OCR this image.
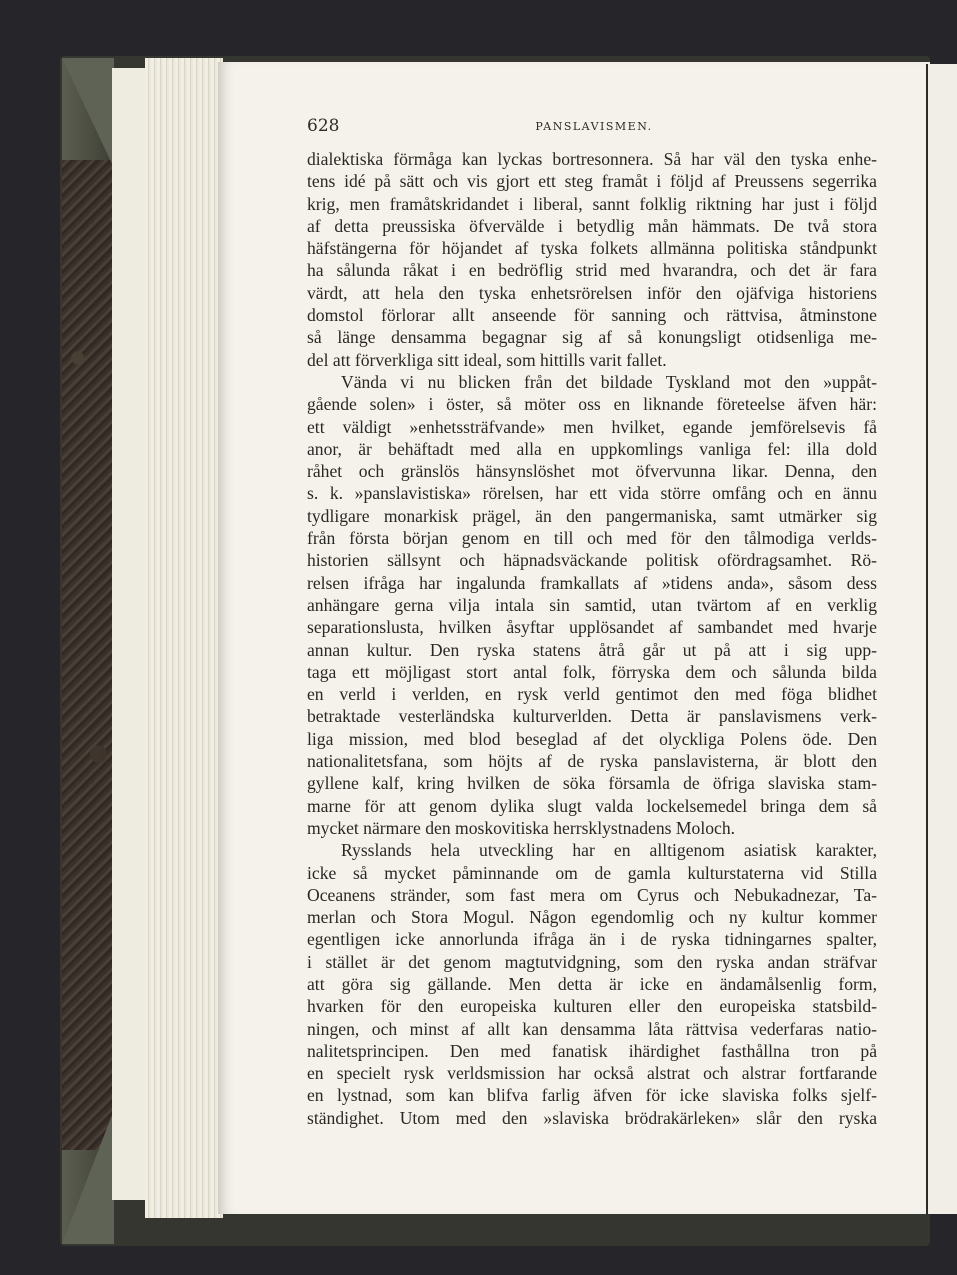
628	PANSLAVISMEN.
dialektiska förmåga kan lyckas bortresonnera. Så har väl den tyska enhe-
tens idé på sätt och vis gjort ett steg framåt i följd af Preussens segerrika
krig, men framåtskridandet i liberal, sannt folklig riktning har just i följd
af detta preussiska öfvervälde i betydlig mån hämmats. De två stora
häfstängerna för höjandet af tyska folkets allmänna politiska ståndpunkt
ha sålunda råkat i en bedröflig strid med hvarandra, och det är fara
värdt, att hela den tyska enhetsrörelsen inför den ojäfviga historiens
domstol förlorar allt anseende för sanning och rättvisa, åtminstone
så länge densamma begagnar sig af så konungsligt otidsenliga me-
del att förverkliga sitt ideal, som hittills varit fallet.
Vända vi nu blicken från det bildade Tyskland mot den »uppåt-
gående solen» i öster, så möter oss en liknande företeelse äfven här:
ett väldigt »enhetssträfvande» men hvilket, egande jemförelsevis få
anor, är behäftadt med alla en uppkomlings vanliga fel: illa dold
råhet och gränslös hänsynslöshet mot öfvervunna likar. Denna, den
s. k. »panslavistiska» rörelsen, har ett vida större omfång och en ännu
tydligare monarkisk prägel, än den pangermaniska, samt utmärker sig
från första början genom en till och med för den tålmodiga verlds-
historien sällsynt och häpnadsväckande politisk ofördragsamhet. Rö-
relsen ifråga har ingalunda framkallats af »tidens anda», såsom dess
anhängare gerna vilja intala sin samtid, utan tvärtom af en verklig
separationslusta, hvilken åsyftar upplösandet af sambandet med hvarje
annan kultur. Den ryska statens åtrå går ut på att i sig upp-
taga ett möjligast stort antal folk, förryska dem och sålunda bilda
en verld i verlden, en rysk verld gentimot den med föga blidhet
betraktade vesterländska kulturverlden. Detta är panslavismens verk-
liga mission, med blod beseglad af det olyckliga Polens öde. Den
nationalitetsfana, som höjts af de ryska panslavisterna, är blott den
gyllene kalf, kring hvilken de söka församla de öfriga slaviska stam-
marne för att genom dylika slugt valda lockelsemedel bringa dem så
mycket närmare den moskovitiska herrsklystnadens Moloch.
Rysslands hela utveckling har en alltigenom asiatisk karakter,
icke så mycket påminnande om de gamla kulturstaterna vid Stilla
Oceanens stränder, som fast mera om Cyrus och Nebukadnezar, Ta-
merlan och Stora Mogul. Någon egendomlig och ny kultur kommer
egentligen icke annorlunda ifråga än i de ryska tidningarnes spalter,
i stället är det genom magtutvidgning, som den ryska andan sträfvar
att göra sig gällande. Men detta är icke en ändamålsenlig form,
hvarken för den europeiska kulturen eller den europeiska statsbild-
ningen, och minst af allt kan densamma låta rättvisa vederfaras natio-
nalitetsprincipen. Den med fanatisk ihärdighet fasthållna tron på
en specielt rysk verldsmission har också alstrat och alstrar fortfarande
en lystnad, som kan blifva farlig äfven för icke slaviska folks sjelf-
ständighet. Utom med den »slaviska brödrakärleken» slår den ryska
